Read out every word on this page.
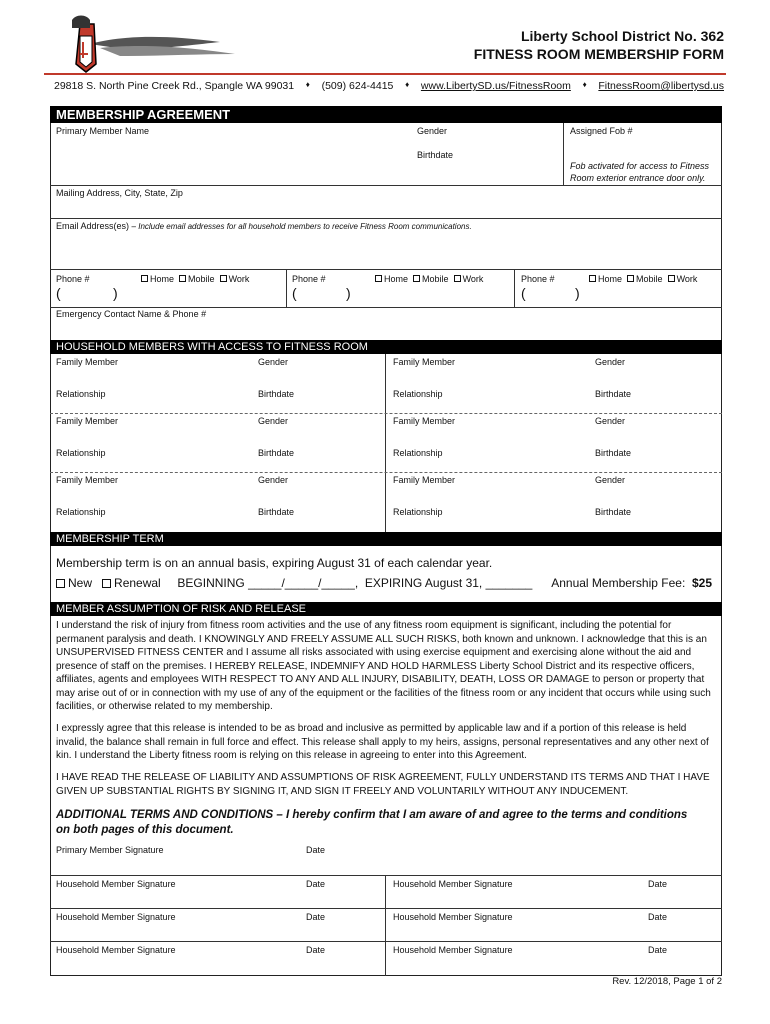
Liberty School District No. 362
FITNESS ROOM MEMBERSHIP FORM
29818 S. North Pine Creek Rd., Spangle WA 99031 ♦ (509) 624-4415 ♦ www.LibertySD.us/FitnessRoom ♦ FitnessRoom@libertysd.us
MEMBERSHIP AGREEMENT
Primary Member Name	Gender	Assigned Fob #
Birthdate
Fob activated for access to Fitness
Room exterior entrance door only.
Mailing Address, City, State, Zip
Email Address(es) – Include email addresses for all household members to receive Fitness Room communications.
Phone #	Home Mobile Work
(	)
Phone #	Home Mobile Work
(	)
Phone #	Home Mobile Work
(	)
Emergency Contact Name & Phone #
HOUSEHOLD MEMBERS WITH ACCESS TO FITNESS ROOM
Family Member	Gender	Family Member	Gender
Relationship	Birthdate	Relationship	Birthdate
Family Member	Gender	Family Member	Gender
Relationship	Birthdate	Relationship	Birthdate
Family Member	Gender	Family Member	Gender
Relationship	Birthdate	Relationship	Birthdate
MEMBERSHIP TERM
Membership term is on an annual basis, expiring August 31 of each calendar year.
New Renewal BEGINNING _____/_____/_____, EXPIRING August 31, _______ Annual Membership Fee: $25
MEMBER ASSUMPTION OF RISK AND RELEASE

I understand the risk of injury from fitness room activities and the use of any fitness room equipment is significant, including the potential for permanent paralysis and death. I KNOWINGLY AND FREELY ASSUME ALL SUCH RISKS, both known and unknown. I acknowledge that this is an UNSUPERVISED FITNESS CENTER and I assume all risks associated with using exercise equipment and exercising alone without the aid and presence of staff on the premises. I HEREBY RELEASE, INDEMNIFY AND HOLD HARMLESS Liberty School District and its respective officers, affiliates, agents and employees WITH RESPECT TO ANY AND ALL INJURY, DISABILITY, DEATH, LOSS OR DAMAGE to person or property that may arise out of or in connection with my use of any of the equipment or the facilities of the fitness room or any incident that occurs while using such facilities, or otherwise related to my membership.

I expressly agree that this release is intended to be as broad and inclusive as permitted by applicable law and if a portion of this release is held invalid, the balance shall remain in full force and effect. This release shall apply to my heirs, assigns, personal representatives and any other next of kin. I understand the Liberty fitness room is relying on this release in agreeing to enter into this Agreement.

I HAVE READ THE RELEASE OF LIABILITY AND ASSUMPTIONS OF RISK AGREEMENT, FULLY UNDERSTAND ITS TERMS AND THAT I HAVE GIVEN UP SUBSTANTIAL RIGHTS BY SIGNING IT, AND SIGN IT FREELY AND VOLUNTARILY WITHOUT ANY INDUCEMENT.

ADDITIONAL TERMS AND CONDITIONS – I hereby confirm that I am aware of and agree to the terms and conditions on both pages of this document.

Primary Member Signature	Date
Household Member Signature	Date	Household Member Signature	Date
Household Member Signature	Date	Household Member Signature	Date
Household Member Signature	Date	Household Member Signature	Date
Rev. 12/2018, Page 1 of 2
